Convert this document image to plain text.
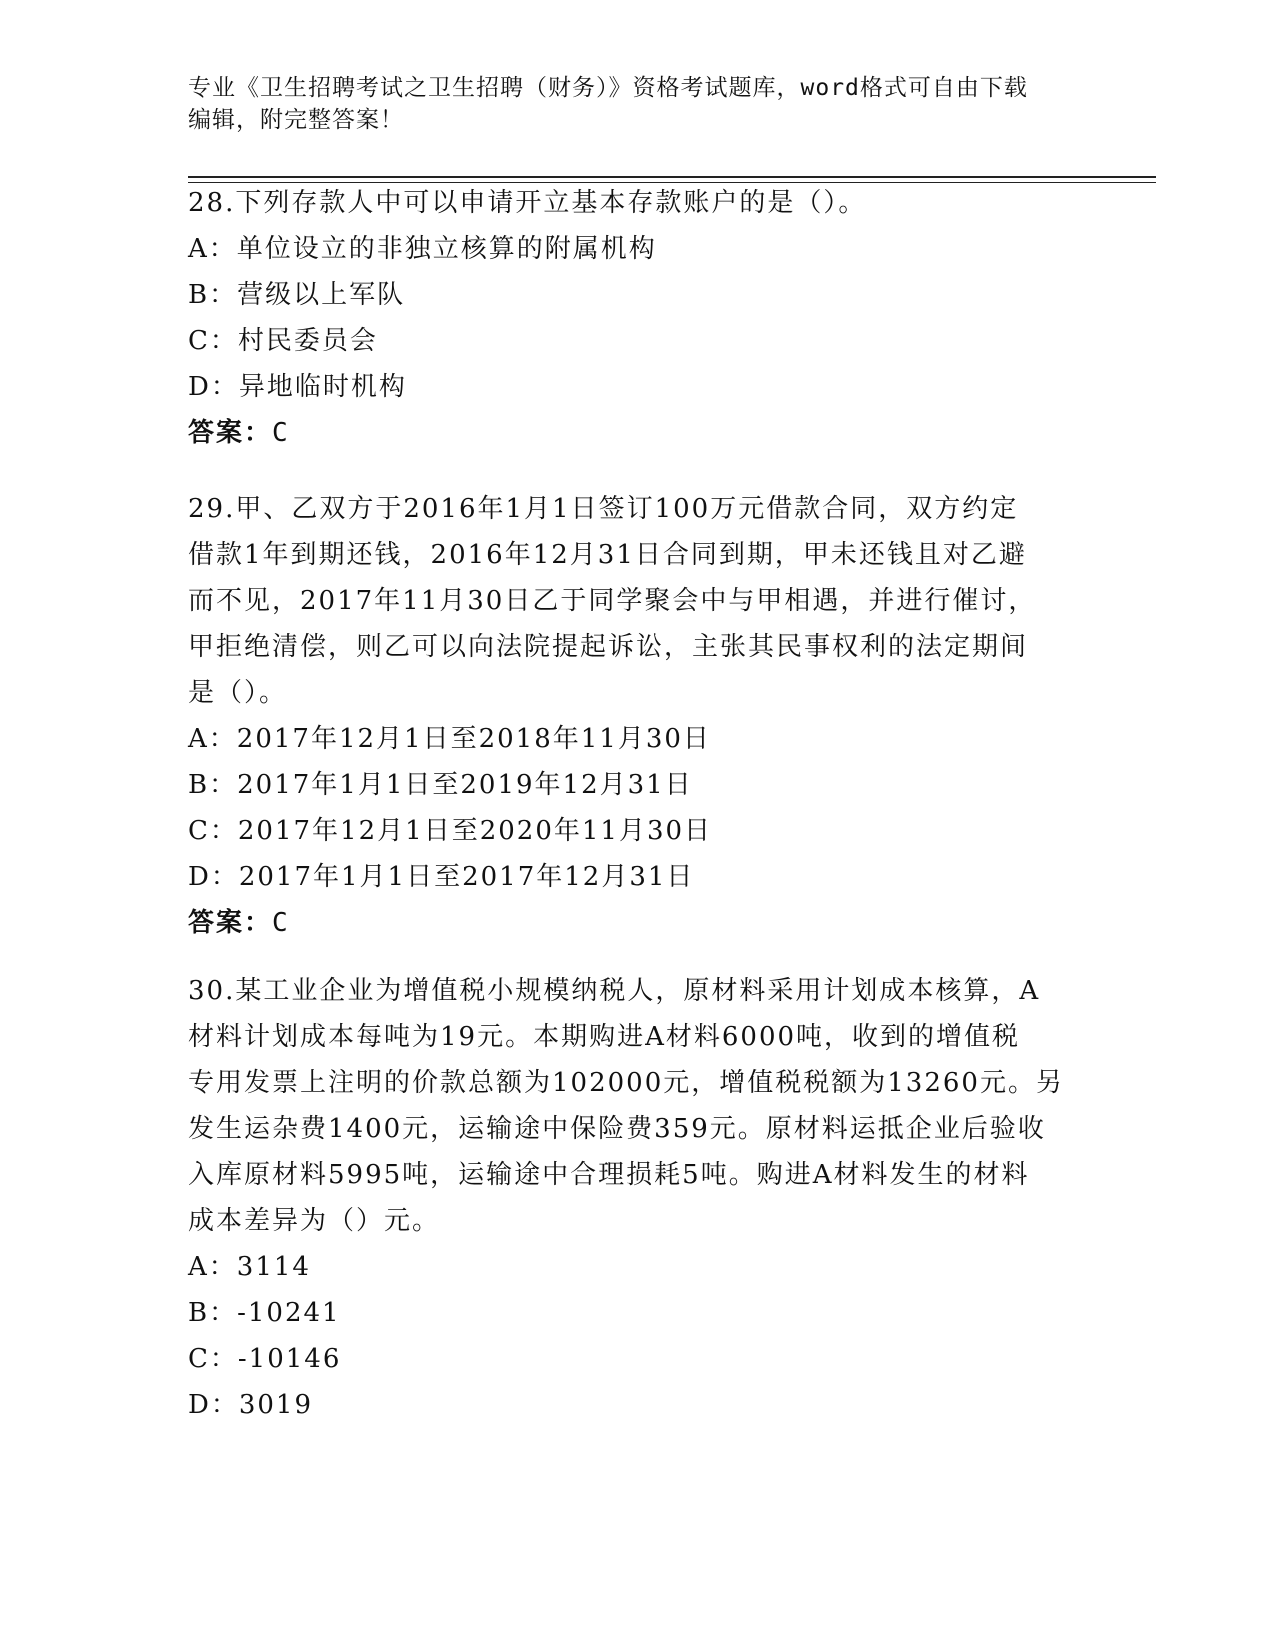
专业《卫生招聘考试之卫生招聘（财务）》资格考试题库，word格式可自由下载
编辑，附完整答案！
28.下列存款人中可以申请开立基本存款账户的是（）。
A：单位设立的非独立核算的附属机构
B：营级以上军队
C：村民委员会
D：异地临时机构
答案：C
29.甲、乙双方于2016年1月1日签订100万元借款合同，双方约定
借款1年到期还钱，2016年12月31日合同到期，甲未还钱且对乙避
而不见，2017年11月30日乙于同学聚会中与甲相遇，并进行催讨，
甲拒绝清偿，则乙可以向法院提起诉讼，主张其民事权利的法定期间
是（）。
A：2017年12月1日至2018年11月30日
B：2017年1月1日至2019年12月31日
C：2017年12月1日至2020年11月30日
D：2017年1月1日至2017年12月31日
答案：C
30.某工业企业为增值税小规模纳税人，原材料采用计划成本核算，A
材料计划成本每吨为19元。本期购进A材料6000吨，收到的增值税
专用发票上注明的价款总额为102000元，增值税税额为13260元。另
发生运杂费1400元，运输途中保险费359元。原材料运抵企业后验收
入库原材料5995吨，运输途中合理损耗5吨。购进A材料发生的材料
成本差异为（）元。
A：3114
B：-10241
C：-10146
D：3019
